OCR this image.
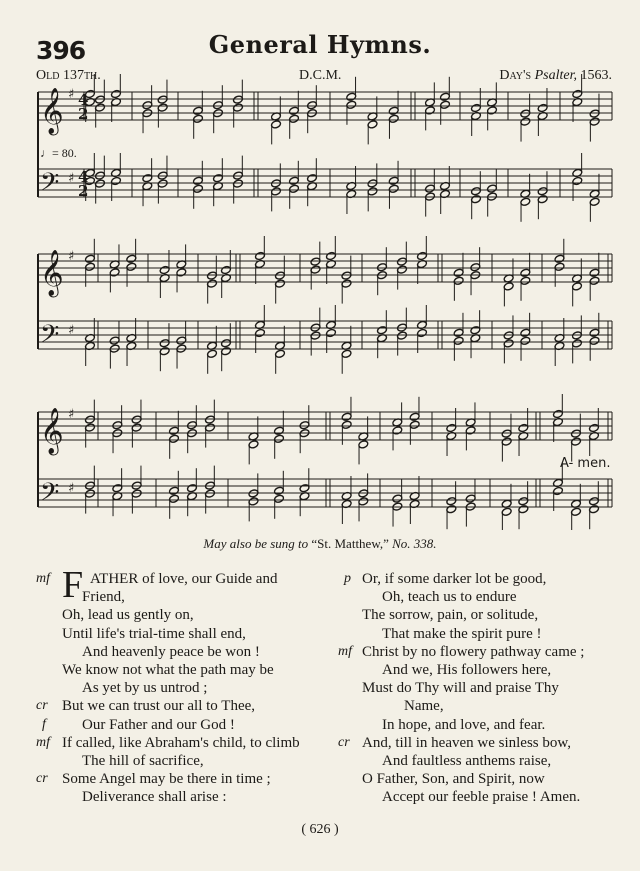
396	General Hymns.
Old 137th.	D.C.M.	Day's Psalter, 1563.
𝄞
𝄢
♯
♯
4
2
4
2
𝄞
𝄢
♯
♯
𝄞
𝄢
♯
♯
♩= 80.
A- men.
May also be sung to “St. Matthew,” No. 338.
mf	ATHER of love, our Guide and
Friend,
Oh, lead us gently on,
Until life's trial-time shall end,
And heavenly peace be won !
We know not what the path may be
As yet by us untrod ;
cr But we can trust our all to Thee,
f Our Father and our God !
mf If called, like Abraham's child, to climb
The hill of sacrifice,
cr Some Angel may be there in time ;
Deliverance shall arise :
p Or, if some darker lot be good,
Oh, teach us to endure
The sorrow, pain, or solitude,
That make the spirit pure !
mf Christ by no flowery pathway came ;
And we, His followers here,
Must do Thy will and praise Thy
Name,
In hope, and love, and fear.
cr And, till in heaven we sinless bow,
And faultless anthems raise,
O Father, Son, and Spirit, now
Accept our feeble praise ! Amen.
F
( 626 )
